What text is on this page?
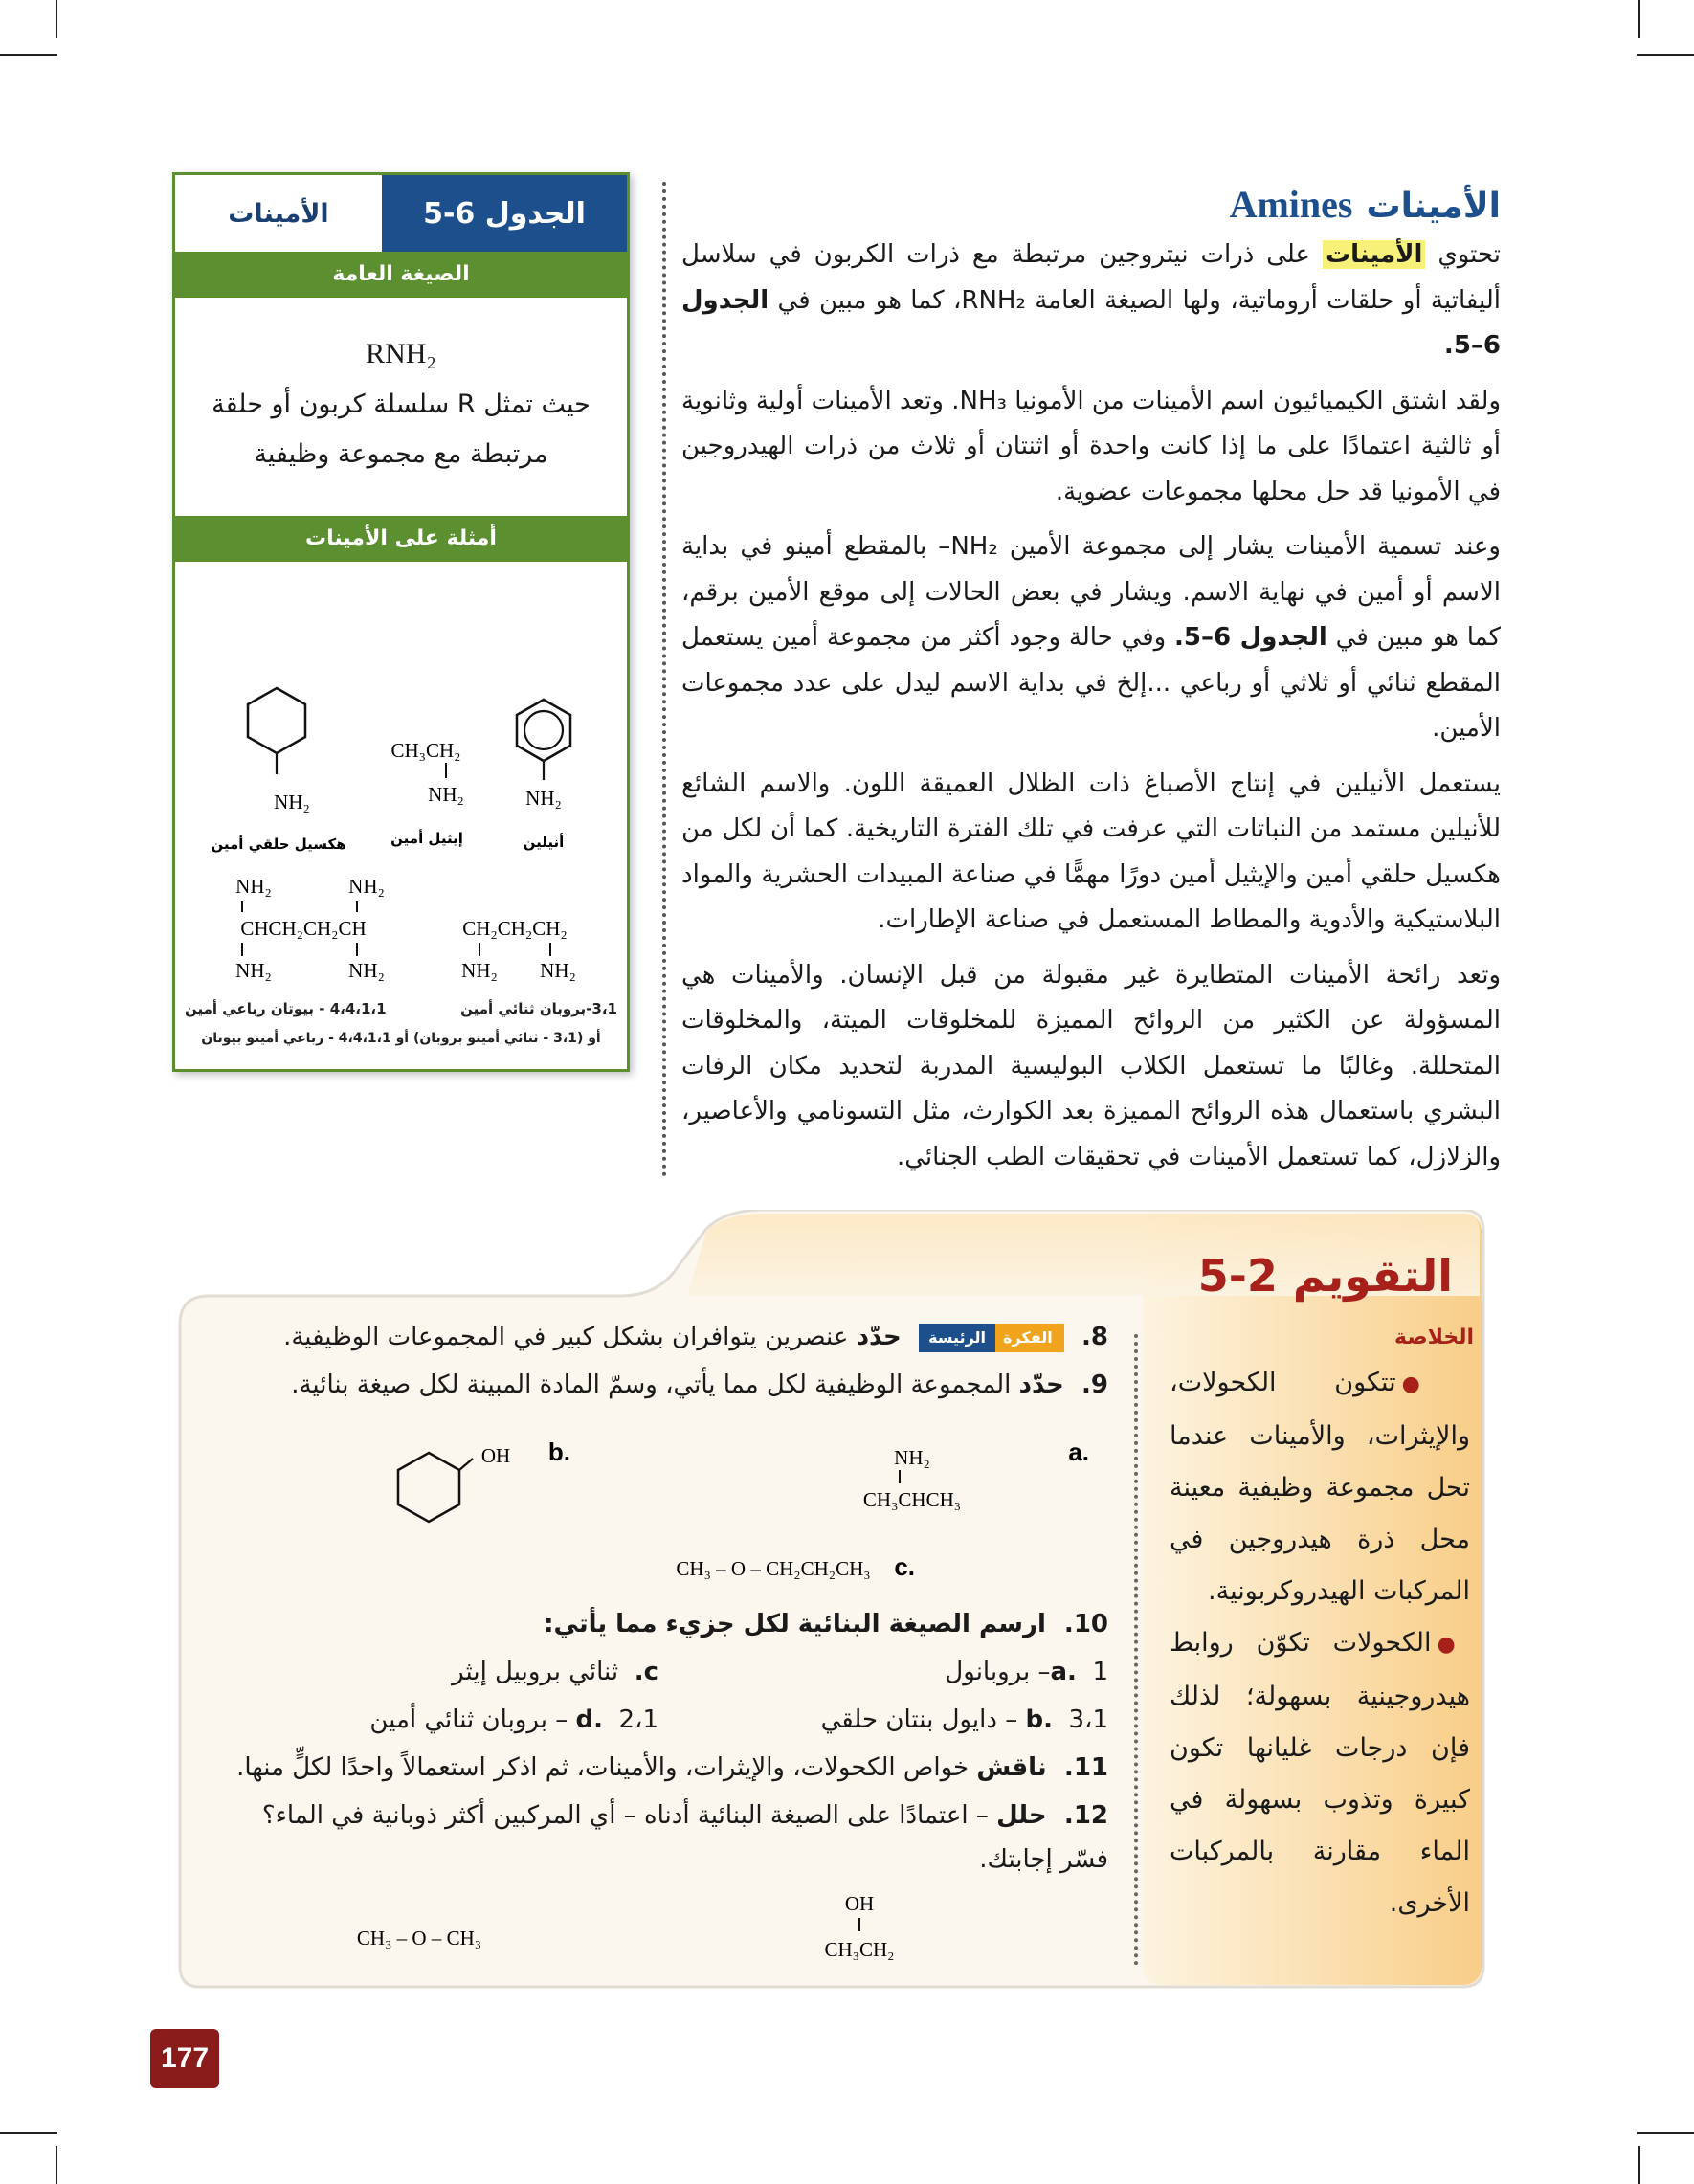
Amines الأمينات

تحتوي الأمينات على ذرات نيتروجين مرتبطة مع ذرات الكربون في سلاسل أليفاتية أو حلقات أروماتية، ولها الصيغة العامة RNH₂، كما هو مبين في الجدول 6–5.

ولقد اشتق الكيميائيون اسم الأمينات من الأمونيا NH₃. وتعد الأمينات أولية وثانوية أو ثالثية اعتمادًا على ما إذا كانت واحدة أو اثنتان أو ثلاث من ذرات الهيدروجين في الأمونيا قد حل محلها مجموعات عضوية.

وعند تسمية الأمينات يشار إلى مجموعة الأمين NH₂– بالمقطع أمينو في بداية الاسم أو أمين في نهاية الاسم. ويشار في بعض الحالات إلى موقع الأمين برقم، كما هو مبين في الجدول 6–5. وفي حالة وجود أكثر من مجموعة أمين يستعمل المقطع ثنائي أو ثلاثي أو رباعي ...إلخ في بداية الاسم ليدل على عدد مجموعات الأمين.

يستعمل الأنيلين في إنتاج الأصباغ ذات الظلال العميقة اللون. والاسم الشائع للأنيلين مستمد من النباتات التي عرفت في تلك الفترة التاريخية. كما أن لكل من هكسيل حلقي أمين والإيثيل أمين دورًا مهمًّا في صناعة المبيدات الحشرية والمواد البلاستيكية والأدوية والمطاط المستعمل في صناعة الإطارات.

وتعد رائحة الأمينات المتطايرة غير مقبولة من قبل الإنسان. والأمينات هي المسؤولة عن الكثير من الروائح المميزة للمخلوقات الميتة، والمخلوقات المتحللة. وغالبًا ما تستعمل الكلاب البوليسية المدربة لتحديد مكان الرفات البشري باستعمال هذه الروائح المميزة بعد الكوارث، مثل التسونامي والأعاصير، والزلازل، كما تستعمل الأمينات في تحقيقات الطب الجنائي.

الأمينات	الجدول 6-5
الصيغة العامة
RNH₂
حيث تمثل R سلسلة كربون أو حلقة مرتبطة مع مجموعة وظيفية
أمثلة على الأمينات
NH₂
أنيلين
CH₃CH₂
NH₂
إيثيل أمين
NH₂
هكسيل حلقي أمين
CH₂CH₂CH₂
NH₂ NH₂
NH₂	NH₂
CHCH₂CH₂CH
NH₂	NH₂
3،1-بروبان ثنائي أمين
4،4،1،1 - بيوتان رباعي أمين
أو (3،1 - ثنائي أمينو بروبان) أو 4،4،1،1 - رباعي أمينو بيوتان
التقويم 2-5
الخلاصة
●تتكون الكحولات، والإيثرات، والأمينات عندما تحل مجموعة وظيفية معينة محل ذرة هيدروجين في المركبات الهيدروكربونية.
●الكحولات تكوّن روابط هيدروجينية بسهولة؛ لذلك فإن درجات غليانها تكون كبيرة وتذوب بسهولة في الماء مقارنة بالمركبات الأخرى.
8.
الفكرة
الرئيسة
حدّد عنصرين يتوافران بشكل كبير في المجموعات الوظيفية.
9. حدّد المجموعة الوظيفية لكل مما يأتي، وسمّ المادة المبينة لكل صيغة بنائية.
a.
NH₂
CH₃CHCH₃
b.
OH
c.
CH₃ – O – CH₂CH₂CH₃
10. ارسم الصيغة البنائية لكل جزيء مما يأتي:
a.  1– بروبانول
c.  ثنائي بروبيل إيثر
b.  3،1 – دايول بنتان حلقي
d.  2،1 – بروبان ثنائي أمين
11. ناقش خواص الكحولات، والإيثرات، والأمينات، ثم اذكر استعمالاً واحدًا لكلٍّ منها.
12. حلل – اعتمادًا على الصيغة البنائية أدناه – أي المركبين أكثر ذوبانية في الماء؟ فسّر إجابتك.
OH
CH₃CH₂
CH₃ – O – CH₃
177
